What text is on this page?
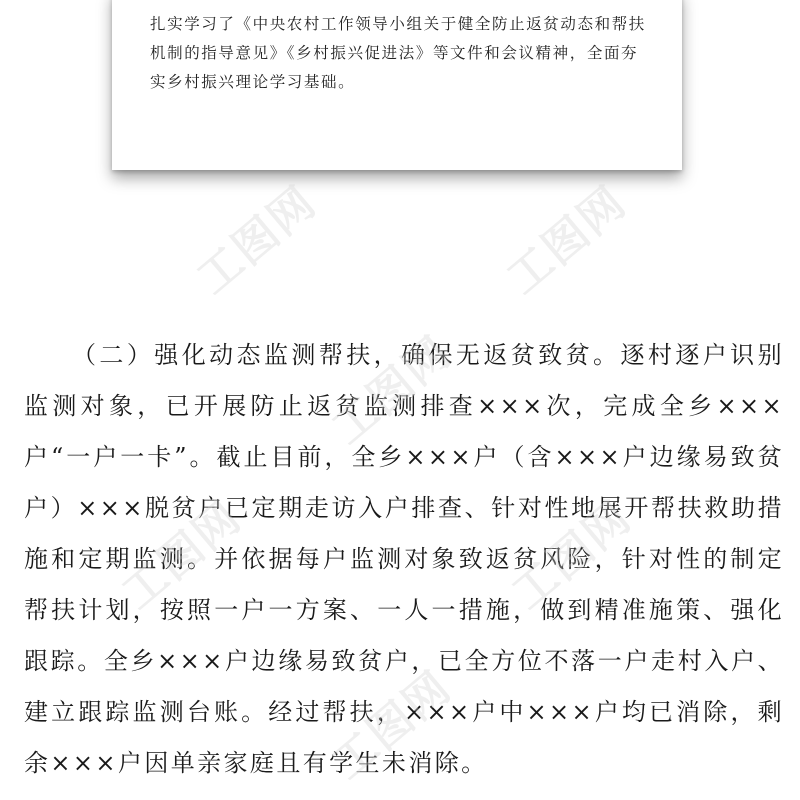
扎实学习了《中央农村工作领导小组关于健全防止返贫动态和帮扶机制的指导意见》《乡村振兴促进法》等文件和会议精神，全面夯实乡村振兴理论学习基础。

（二）强化动态监测帮扶，确保无返贫致贫。逐村逐户识别监测对象，已开展防止返贫监测排查×××次，完成全乡×××户“一户一卡”。截止目前，全乡×××户（含×××户边缘易致贫户）×××脱贫户已定期走访入户排查、针对性地展开帮扶救助措施和定期监测。并依据每户监测对象致返贫风险，针对性的制定帮扶计划，按照一户一方案、一人一措施，做到精准施策、强化跟踪。全乡×××户边缘易致贫户，已全方位不落一户走村入户、建立跟踪监测台账。经过帮扶，×××户中×××户均已消除，剩余×××户因单亲家庭且有学生未消除。

工图网	工图网
工图网
工图网	工图网
工图网
